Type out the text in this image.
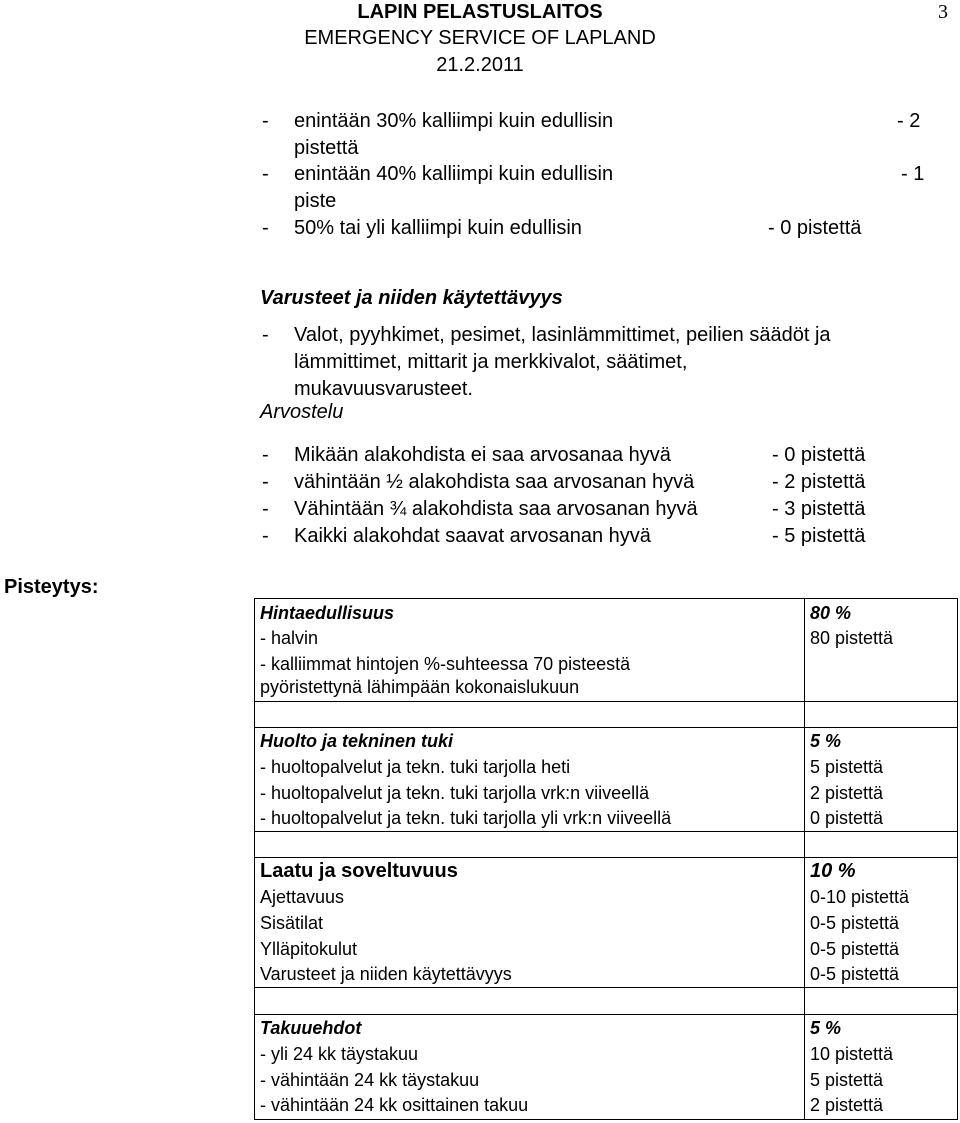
LAPIN PELASTUSLAITOS
EMERGENCY SERVICE OF LAPLAND
21.2.2011
3
- enintään 30% kalliimpi kuin edullisin	- 2
pistettä
- enintään 40% kalliimpi kuin edullisin	- 1
piste
- 50% tai yli kalliimpi kuin edullisin	- 0 pistettä
Varusteet ja niiden käytettävyys
- Valot, pyyhkimet, pesimet, lasinlämmittimet, peilien säädöt ja
lämmittimet, mittarit ja merkkivalot, säätimet,
mukavuusvarusteet.
Arvostelu
- Mikään alakohdista ei saa arvosanaa hyvä	- 0 pistettä
- vähintään ½ alakohdista saa arvosanan hyvä	- 2 pistettä
- Vähintään ¾ alakohdista saa arvosanan hyvä	- 3 pistettä
- Kaikki alakohdat saavat arvosanan hyvä	- 5 pistettä
Pisteytys:
Hintaedullisuus	80 %
- halvin	80 pistettä
- kalliimmat hintojen %-suhteessa 70 pisteestä
pyöristettynä lähimpään kokonaislukuun
Huolto ja tekninen tuki	5 %
- huoltopalvelut ja tekn. tuki tarjolla heti	5 pistettä
- huoltopalvelut ja tekn. tuki tarjolla vrk:n viiveellä	2 pistettä
- huoltopalvelut ja tekn. tuki tarjolla yli vrk:n viiveellä	0 pistettä
Laatu ja soveltuvuus	10 %
Ajettavuus	0-10 pistettä
Sisätilat	0-5 pistettä
Ylläpitokulut	0-5 pistettä
Varusteet ja niiden käytettävyys	0-5 pistettä
Takuuehdot	5 %
- yli 24 kk täystakuu	10 pistettä
- vähintään 24 kk täystakuu	5 pistettä
- vähintään 24 kk osittainen takuu	2 pistettä
